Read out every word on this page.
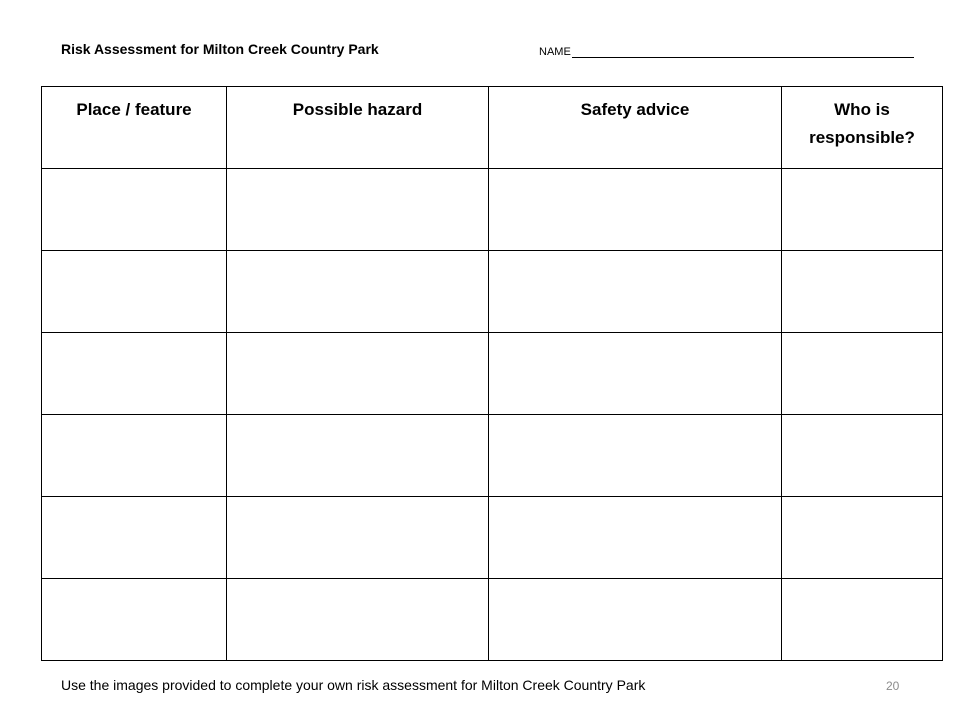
Risk Assessment for Milton Creek Country Park	NAME
Place / feature	Possible hazard	Safety advice	Who is responsible?

Use the images provided to complete your own risk assessment for Milton Creek Country Park	20
